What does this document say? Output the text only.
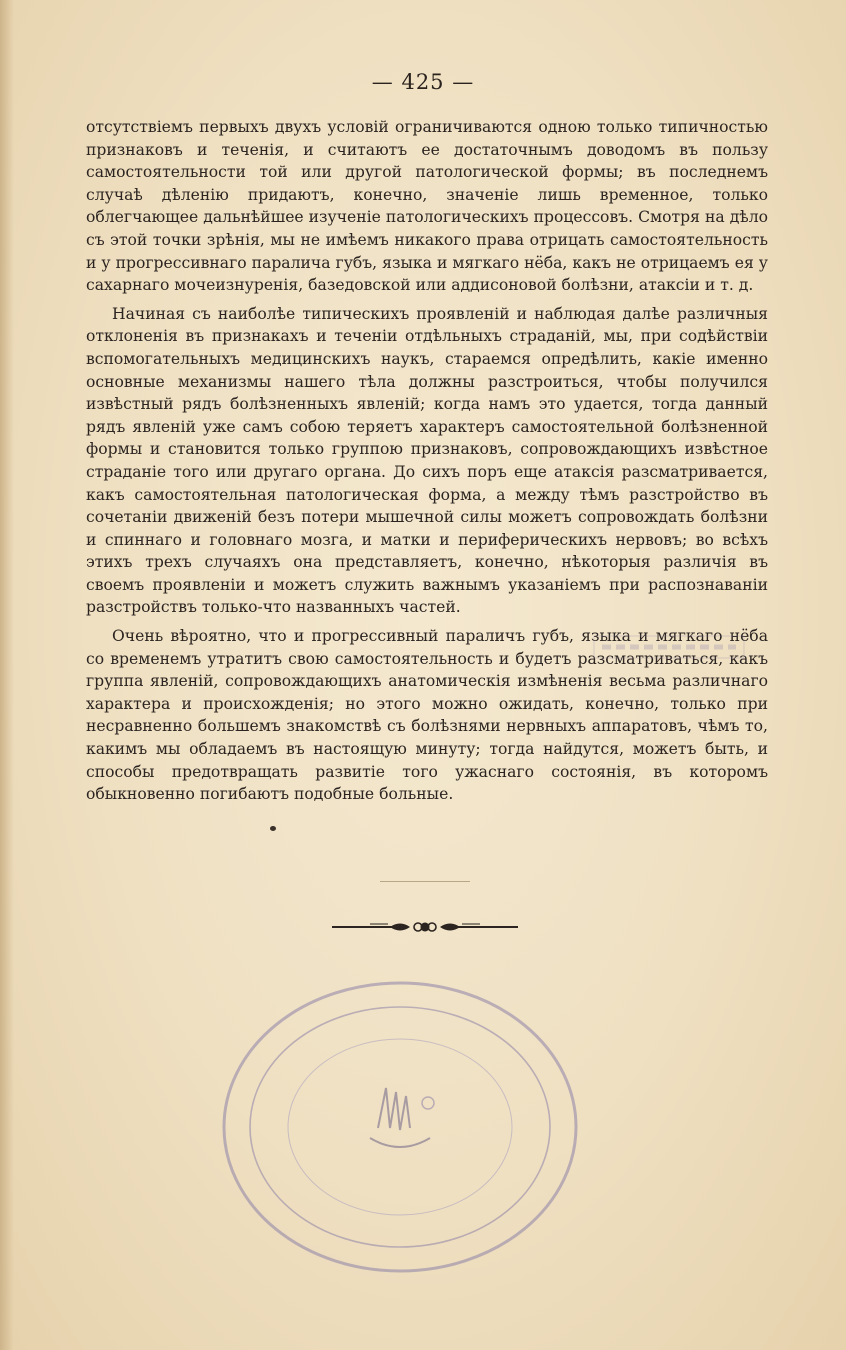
— 425 —

отсутствіемъ первыхъ двухъ условій ограничиваются одною только типичностью признаковъ и теченія, и считаютъ ее достаточнымъ доводомъ въ пользу самостоятельности той или другой патологической формы; въ последнемъ случаѣ дѣленію придаютъ, конечно, значеніе лишь временное, только облегчающее дальнѣйшее изученіе патологическихъ процессовъ. Смотря на дѣло съ этой точки зрѣнія, мы не имѣемъ никакого права отрицать самостоятельность и у прогрессивнаго паралича губъ, языка и мягкаго нёба, какъ не отрицаемъ ея у сахарнаго мочеизнуренія, базедовской или аддисоновой болѣзни, атаксіи и т. д.

Начиная съ наиболѣе типическихъ проявленій и наблюдая далѣе различныя отклоненія въ признакахъ и теченіи отдѣльныхъ страданій, мы, при содѣйствіи вспомогательныхъ медицинскихъ наукъ, стараемся опредѣлить, какіе именно основные механизмы нашего тѣла должны разстроиться, чтобы получился извѣстный рядъ болѣзненныхъ явленій; когда намъ это удается, тогда данный рядъ явленій уже самъ собою теряетъ характеръ самостоятельной болѣзненной формы и становится только группою признаковъ, сопровождающихъ извѣстное страданіе того или другаго органа. До сихъ поръ еще атаксія разсматривается, какъ самостоятельная патологическая форма, а между тѣмъ разстройство въ сочетаніи движеній безъ потери мышечной силы можетъ сопровождать болѣзни и спиннаго и головнаго мозга, и матки и периферическихъ нервовъ; во всѣхъ этихъ трехъ случаяхъ она представляетъ, конечно, нѣкоторыя различія въ своемъ проявленіи и можетъ служить важнымъ указаніемъ при распознаваніи разстройствъ только-что названныхъ частей.

Очень вѣроятно, что и прогрессивный параличъ губъ, языка и мягкаго нёба со временемъ утратитъ свою самостоятельность и будетъ разсматриваться, какъ группа явленій, сопровождающихъ анатомическія измѣненія весьма различнаго характера и происхожденія; но этого можно ожидать, конечно, только при несравненно большемъ знакомствѣ съ болѣзнями нервныхъ аппаратовъ, чѣмъ то, какимъ мы обладаемъ въ настоящую минуту; тогда найдутся, можетъ быть, и способы предотвращать развитіе того ужаснаго состоянія, въ которомъ обыкновенно погибаютъ подобные больные.
